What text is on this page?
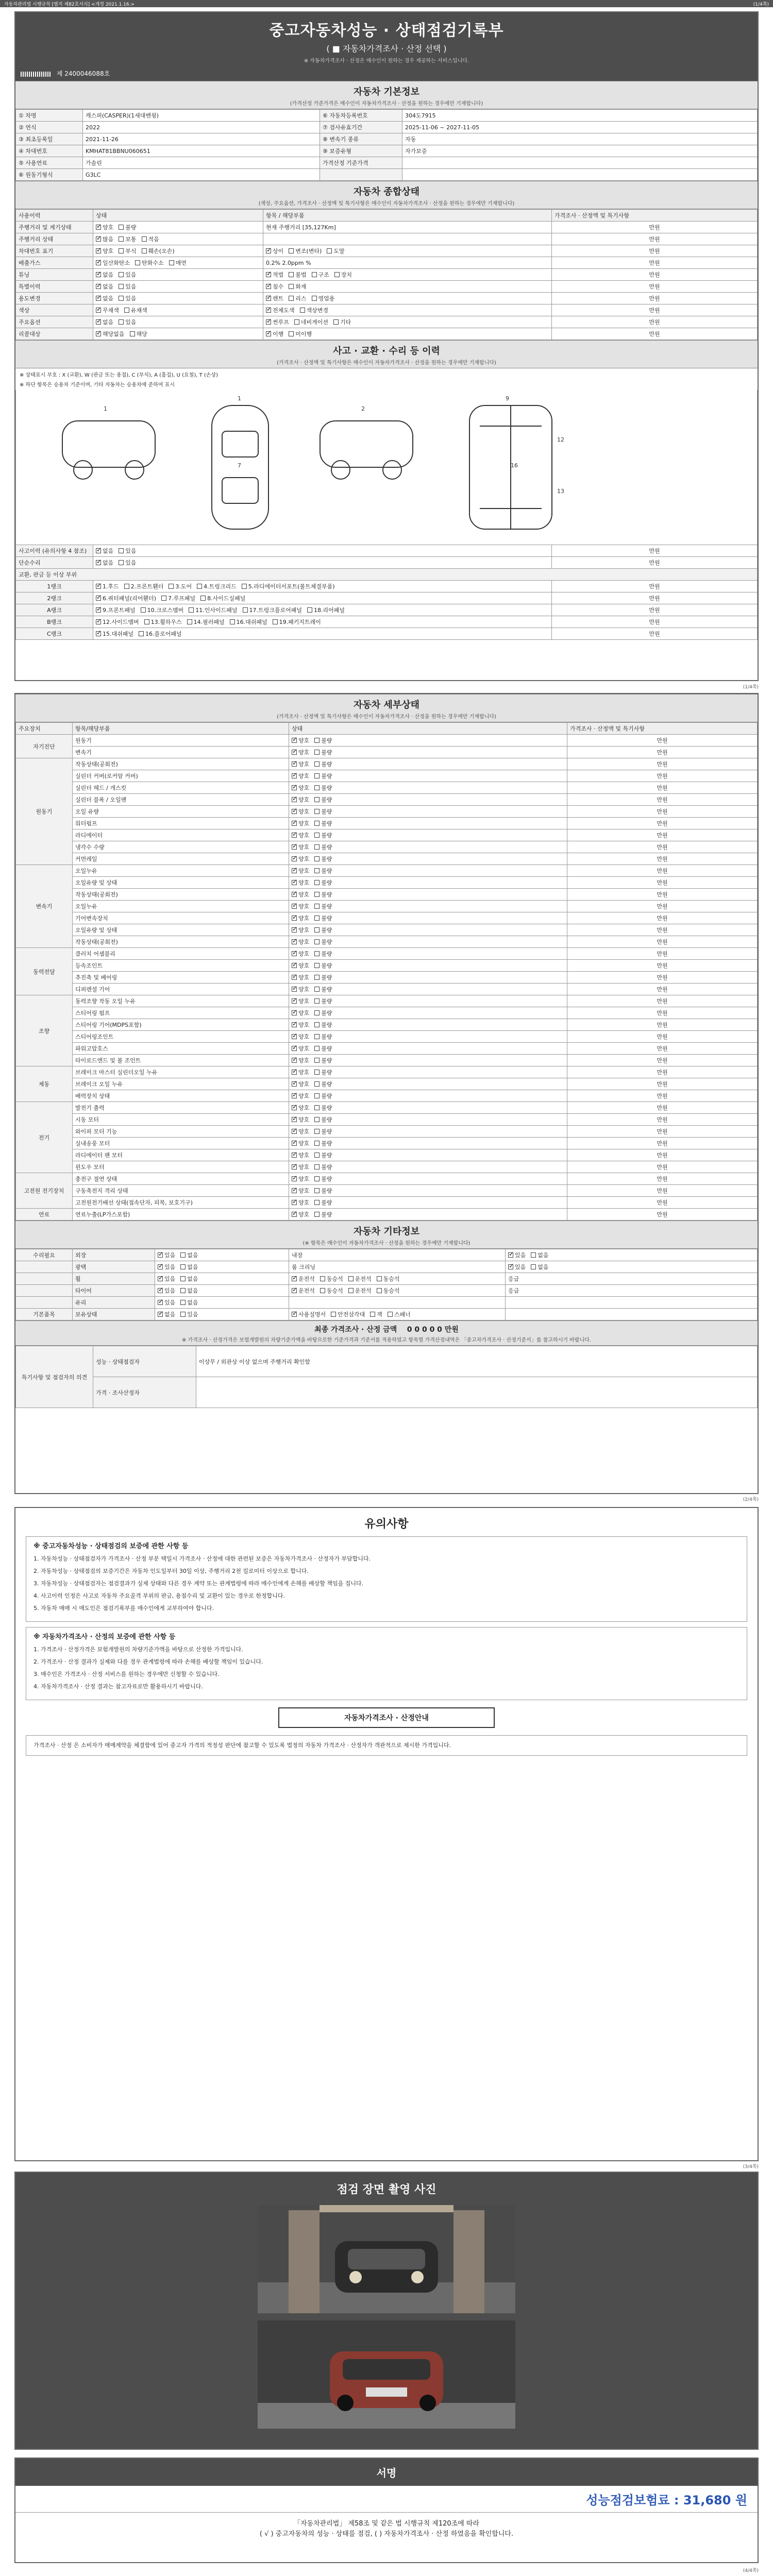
자동차관리법 시행규칙 [별지 제82호서식] <개정 2021.1.16.>	(1/4쪽)
중고자동차성능 · 상태점검기록부
( ■ 자동차가격조사 · 산정 선택 )
※ 자동차가격조사 · 산정은 매수인이 원하는 경우 제공하는 서비스입니다.
제 2400046088호
자동차 기본정보
(가격산정 가준가격은 매수인이 자동차가격조사 · 산정을 원하는 경우에만 기재합니다)
① 차명	캐스퍼(CASPER)(1세대밴윙)	⑥ 자동차등록번호	304도7915
② 연식	2022	⑦ 검사유효기간	2025-11-06 ~ 2027-11-05
③ 최초등록일	2021-11-26	⑧ 변속기 종류	자동
④ 차대번호	KMHAT81BBNU060651	⑨ 보증유형	자가보증
⑤ 사용연료	가솔린	가격산정 기준가격	
⑥ 원동기형식	G3LC		
자동차 종합상태
(색상, 주요옵션, 가격조사 · 산정액 및 특기사항은 매수인이 자동차가격조사 · 산정을 원하는 경우에만 기재합니다)
사용이력	상태	항목 / 해당부품	가격조사 · 산정액 및 특기사항
주행거리 및 계기상태	✓양호 불량	현재 주행거리 [35,127Km]	만원
주행거리 상태	✓많음 보통 적음		만원
차대번호 표기	✓양호 부식 훼손(오손)	✓상이 변조(변타) 도말	만원
배출가스	✓일산화탄소 탄화수소 매연	0.2% 2.0ppm %	만원
튜닝	✓없음 있음	✓적법 불법 구조 장치	만원
특별이력	✓없음 있음	✓침수 화재	만원
용도변경	✓없음 있음	✓렌트 리스 영업용	만원
색상	✓무채색 유채색	✓전체도색 색상변경	만원
주요옵션	✓없음 있음	✓썬루프 네비게이션 기타	만원
리콜대상	✓해당없음 해당	✓이행 미이행	만원
사고 · 교환 · 수리 등 이력
(가격조사 · 산정액 및 특기사항은 매수인이 자동차가격조사 · 산정을 원하는 경우에만 기재합니다)
※ 상태표시 부호 : X (교환), W (판금 또는 용접), C (부식), A (흠집), U (요철), T (손상)
※ 하단 항목은 승용차 기준이며, 기타 자동차는 승용차에 준하여 표시
1
1
2
9
7	16
12
13
사고이력 (유의사항 4 참조)	✓없음 있음	만원
단순수리	✓없음 있음	만원
교환, 판금 등 이상 부위		
1랭크	✓1.후드 2.프론트휀더 3.도어 4.트렁크리드 5.라디에이터서포트(볼트체결부품)	만원
2랭크	✓6.쿼터패널(리어휀더) 7.루프패널 8.사이드실패널	만원
A랭크	✓9.프론트패널 10.크로스멤버 11.인사이드패널 17.트렁크플로어패널 18.리어패널	만원
B랭크	✓12.사이드멤버 13.휠하우스 14.필러패널 16.대쉬패널 19.패키지트레이	만원
C랭크	✓15.대쉬패널 16.플로어패널	만원
(1/4쪽)
자동차 세부상태
(가격조사 · 산정액 및 특기사항은 매수인이 자동차가격조사 · 산정을 원하는 경우에만 기재합니다)
주요장치	항목/해당부품	상태	가격조사 · 산정액 및 특기사항
자기진단	원동기	✓양호 불량	만원
	변속기	✓양호 불량	만원
원동기	작동상태(공회전)	✓양호 불량	만원
	실린더 커버(로커암 커버)	✓양호 불량	만원
	실린더 헤드 / 개스킷	✓양호 불량	만원
	실린더 블록 / 오일팬	✓양호 불량	만원
	오일 유량	✓양호 불량	만원
	워터펌프	✓양호 불량	만원
	라디에이터	✓양호 불량	만원
	냉각수 수량	✓양호 불량	만원
	커먼레일	✓양호 불량	만원
변속기	오일누유	✓양호 불량	만원
	오일유량 및 상태	✓양호 불량	만원
	작동상태(공회전)	✓양호 불량	만원
	오일누유	✓양호 불량	만원
	기어변속장치	✓양호 불량	만원
	오일유량 및 상태	✓양호 불량	만원
	작동상태(공회전)	✓양호 불량	만원
동력전달	클러치 어셈블리	✓양호 불량	만원
	등속조인트	✓양호 불량	만원
	추진축 및 베어링	✓양호 불량	만원
	디퍼렌셜 기어	✓양호 불량	만원
조향	동력조향 작동 오일 누유	✓양호 불량	만원
	스티어링 펌프	✓양호 불량	만원
	스티어링 기어(MDPS포함)	✓양호 불량	만원
	스티어링조인트	✓양호 불량	만원
	파워고압호스	✓양호 불량	만원
	타이로드엔드 및 볼 조인트	✓양호 불량	만원
제동	브레이크 마스터 실린더오일 누유	✓양호 불량	만원
	브레이크 오일 누유	✓양호 불량	만원
	배력장치 상태	✓양호 불량	만원
전기	발전기 출력	✓양호 불량	만원
	시동 모터	✓양호 불량	만원
	와이퍼 모터 기능	✓양호 불량	만원
	실내송풍 모터	✓양호 불량	만원
	라디에이터 팬 모터	✓양호 불량	만원
	윈도우 모터	✓양호 불량	만원
고전원 전기장치	충전구 절연 상태	✓양호 불량	만원
	구동축전지 격리 상태	✓양호 불량	만원
	고전원전기배선 상태(접속단자, 피복, 보호기구)	✓양호 불량	만원
연료	연료누출(LP가스포함)	✓양호 불량	만원
자동차 기타정보
(※ 항목은 매수인이 자동차가격조사 · 산정을 원하는 경우에만 기재합니다)
수리필요	외장	✓있음 없음	내장	✓있음 없음
	광택	✓있음 없음	룸 크리닝	✓있음 없음
	휠	✓있음 없음	✓운전석 동승석 운전석 동승석	응급
	타이어	✓있음 없음	✓운전석 동승석 운전석 동승석	응급
	유리	✓있음 없음		
기본품목	보유상태	✓없음 있음	✓사용설명서 안전삼각대 잭 스패너	
최종 가격조사 · 산정 금액 0 0 0 0 0 만원
※ 가격조사 · 산정가격은 보험개발원의 차량기준가액을 바탕으로한 기준가격과 기준서를 적용하였고 항목별 가격산정내역은 「중고차가격조사 · 산정기준서」를 참고하시기 바랍니다.
특기사항 및 점검자의 의견	성능 · 상태점검자	이상무 / 외관상 이상 없으며 주행거리 확인함
	가격 · 조사산정자	
(2/4쪽)
유의사항
※ 중고자동차성능 · 상태점검의 보증에 관한 사항 등

1. 자동차성능 · 상태점검자가 가격조사 · 산정 부문 택일시 가격조사 · 산정에 대한 관련된 보증은 자동차가격조사 · 산정자가 부담합니다.

2. 자동차성능 · 상태점검의 보증기간은 자동차 인도일부터 30일 이상, 주행거리 2천 킬로미터 이상으로 합니다.

3. 자동차성능 · 상태점검자는 점검결과가 실제 상태와 다른 경우 계약 또는 관계법령에 따라 매수인에게 손해를 배상할 책임을 집니다.

4. 사고이력 인정은 사고로 자동차 주요골격 부위의 판금, 용접수리 및 교환이 있는 경우로 한정합니다.

5. 자동차 매매 시 매도인은 점검기록부를 매수인에게 교부하여야 합니다.

※ 자동차가격조사 · 산정의 보증에 관한 사항 등

1. 가격조사 · 산정가격은 보험개발원의 차량기준가액을 바탕으로 산정한 가격입니다.

2. 가격조사 · 산정 결과가 실제와 다를 경우 관계법령에 따라 손해를 배상할 책임이 있습니다.

3. 매수인은 가격조사 · 산정 서비스를 원하는 경우에만 신청할 수 있습니다.

4. 자동차가격조사 · 산정 결과는 참고자료로만 활용하시기 바랍니다.

자동차가격조사 · 산정안내
가격조사 · 산정 은 소비자가 매매계약을 체결함에 있어 중고자 가격의 적정성 판단에 참고할 수 있도록 법정의 자동차 가격조사 · 산정자가 객관적으로 제시한 가격입니다.
(3/4쪽)
점검 장면 촬영 사진
서명
성능점검보험료 : 31,680 원
「자동차관리법」 제58조 및 같은 법 시행규칙 제120조에 따라
( √ ) 중고자동차의 성능 · 상태를 점검, ( ) 자동차가격조사 · 산정 하였음을 확인합니다.
(4/4쪽)
